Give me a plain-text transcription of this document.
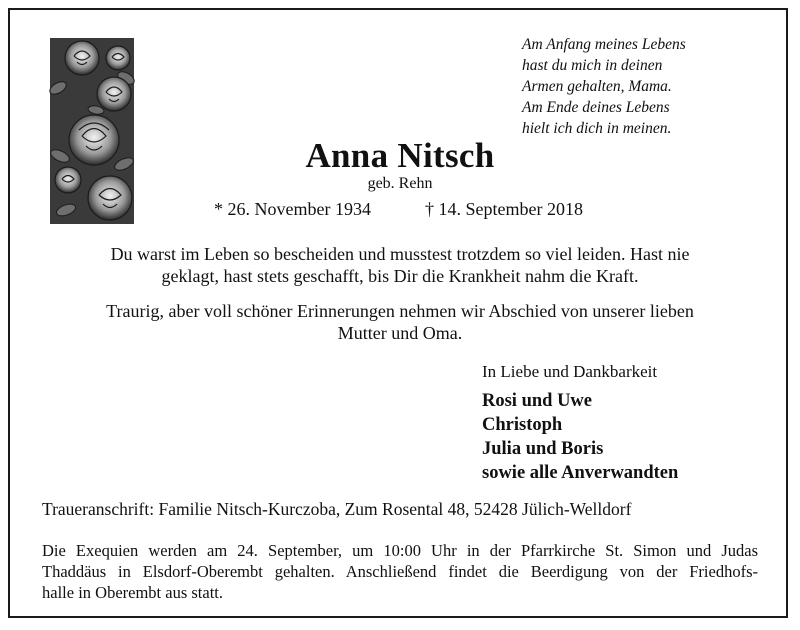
Am Anfang meines Lebens
hast du mich in deinen
Armen gehalten, Mama.
Am Ende deines Lebens
hielt ich dich in meinen.
Anna Nitsch
geb. Rehn
* 26. November 1934	† 14. September 2018
Du warst im Leben so bescheiden und musstest trotzdem so viel leiden. Hast nie
geklagt, hast stets geschafft, bis Dir die Krankheit nahm die Kraft.
Traurig, aber voll schöner Erinnerungen nehmen wir Abschied von unserer lieben
Mutter und Oma.
In Liebe und Dankbarkeit
Rosi und Uwe
Christoph
Julia und Boris
sowie alle Anverwandten
Traueranschrift: Familie Nitsch-Kurczoba, Zum Rosental 48, 52428 Jülich-Welldorf
Die Exequien werden am 24. September, um 10:00 Uhr in der Pfarrkirche St. Simon und Judas
Thaddäus in Elsdorf-Oberembt gehalten. Anschließend findet die Beerdigung von der Friedhofs-
halle in Oberembt aus statt.
